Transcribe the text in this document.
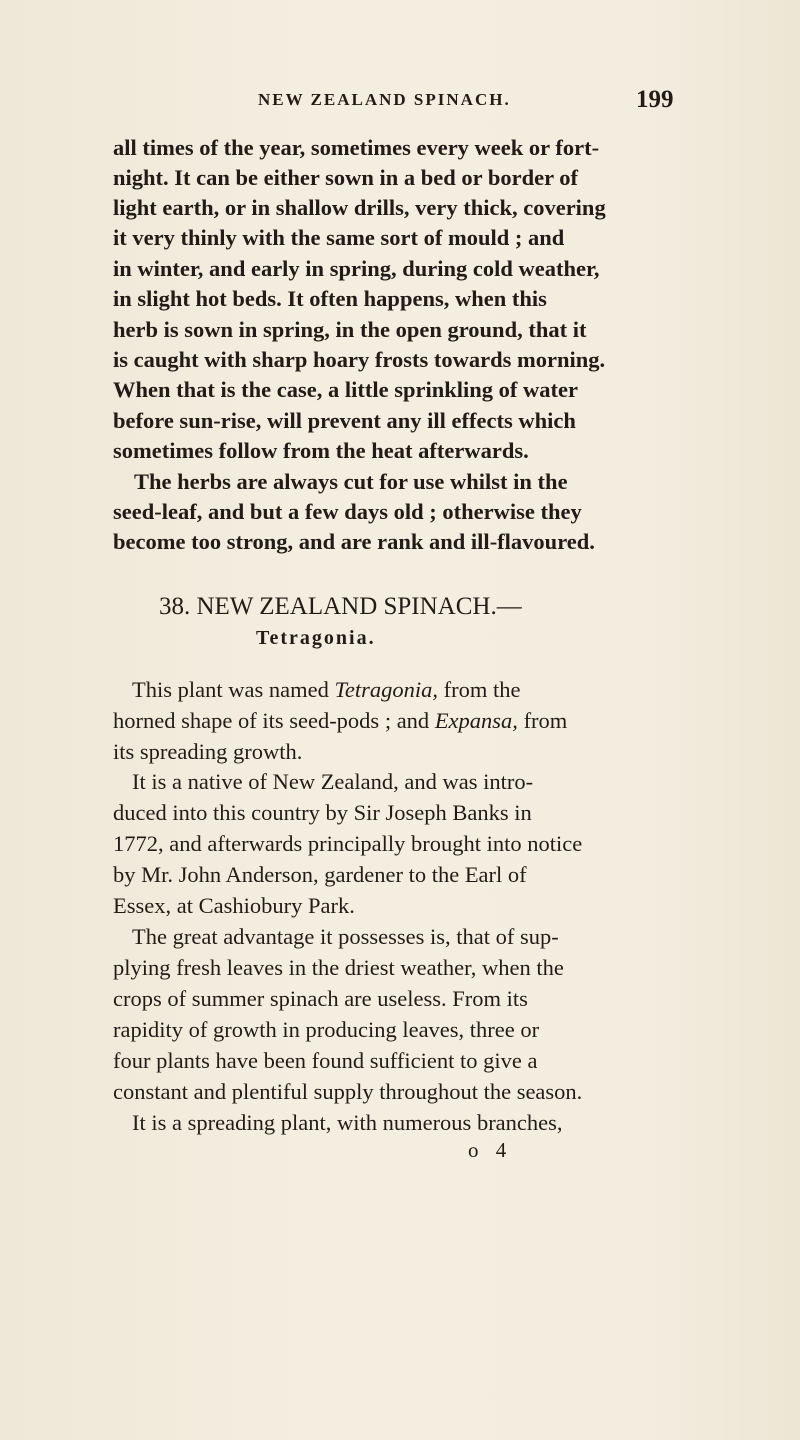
NEW ZEALAND SPINACH.	199
all times of the year, sometimes every week or fort-
night. It can be either sown in a bed or border of
light earth, or in shallow drills, very thick, covering
it very thinly with the same sort of mould ; and
in winter, and early in spring, during cold weather,
in slight hot beds. It often happens, when this
herb is sown in spring, in the open ground, that it
is caught with sharp hoary frosts towards morning.
When that is the case, a little sprinkling of water
before sun-rise, will prevent any ill effects which
sometimes follow from the heat afterwards.
The herbs are always cut for use whilst in the
seed-leaf, and but a few days old ; otherwise they
become too strong, and are rank and ill-flavoured.
38. NEW ZEALAND SPINACH.—
Tetragonia.
This plant was named Tetragonia, from the
horned shape of its seed-pods ; and Expansa, from
its spreading growth.
It is a native of New Zealand, and was intro-
duced into this country by Sir Joseph Banks in
1772, and afterwards principally brought into notice
by Mr. John Anderson, gardener to the Earl of
Essex, at Cashiobury Park.
The great advantage it possesses is, that of sup-
plying fresh leaves in the driest weather, when the
crops of summer spinach are useless. From its
rapidity of growth in producing leaves, three or
four plants have been found sufficient to give a
constant and plentiful supply throughout the season.
It is a spreading plant, with numerous branches,
o 4
